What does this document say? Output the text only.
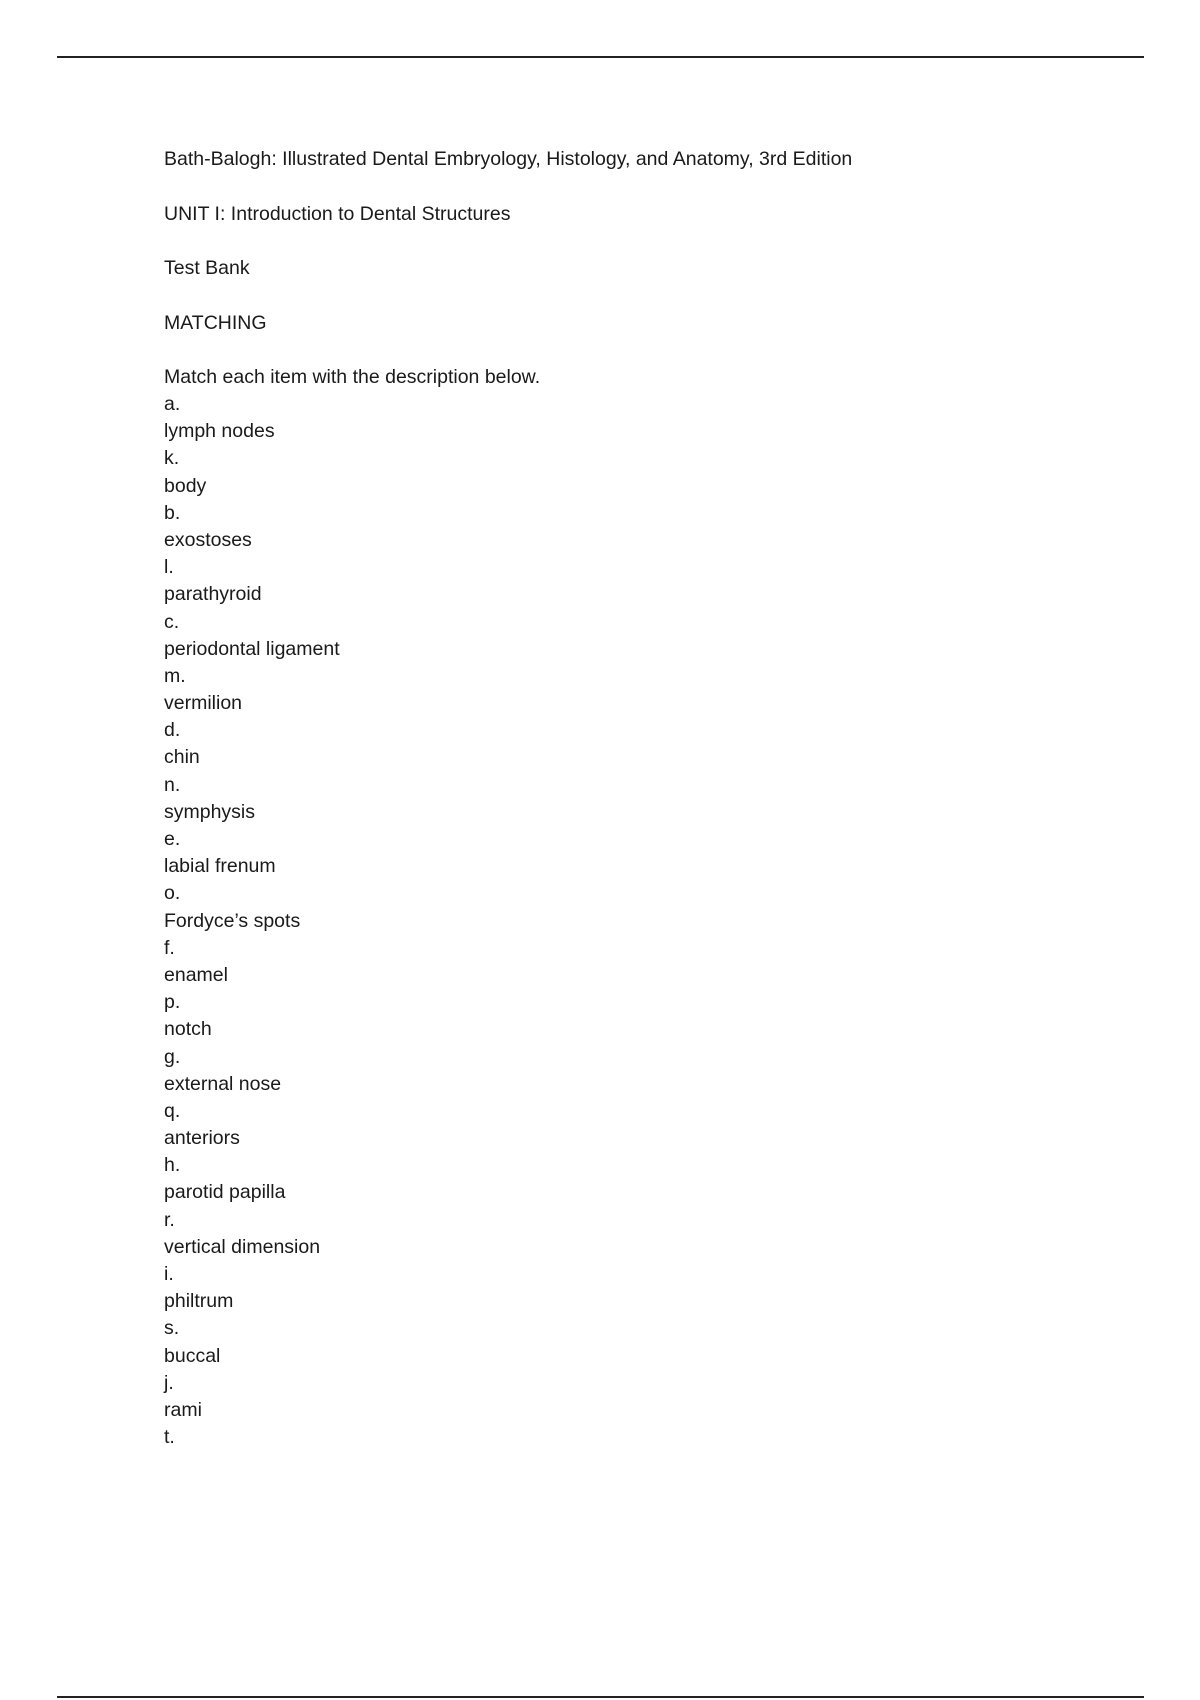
Bath-Balogh: Illustrated Dental Embryology, Histology, and Anatomy, 3rd Edition

UNIT I: Introduction to Dental Structures

Test Bank

MATCHING

Match each item with the description below.

a.
lymph nodes
k.
body
b.
exostoses
l.
parathyroid
c.
periodontal ligament
m.
vermilion
d.
chin
n.
symphysis
e.
labial frenum
o.
Fordyce’s spots
f.
enamel
p.
notch
g.
external nose
q.
anteriors
h.
parotid papilla
r.
vertical dimension
i.
philtrum
s.
buccal
j.
rami
t.
